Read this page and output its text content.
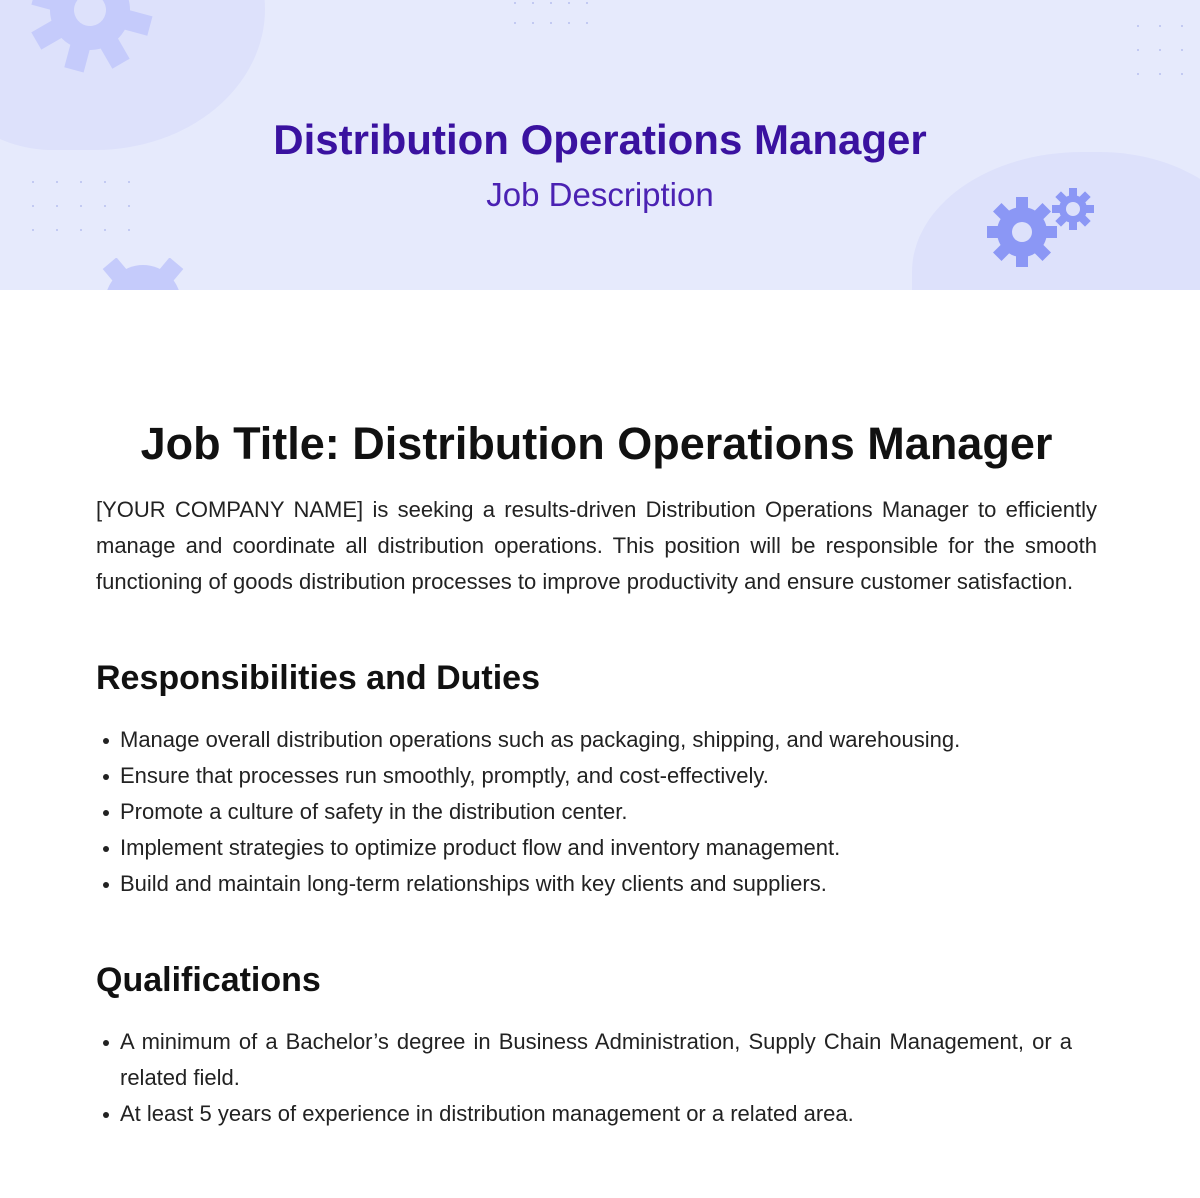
Distribution Operations Manager
Job Description
Job Title: Distribution Operations Manager

[YOUR COMPANY NAME] is seeking a results-driven Distribution Operations Manager to efficiently manage and coordinate all distribution operations. This position will be responsible for the smooth functioning of goods distribution processes to improve productivity and ensure customer satisfaction.

Responsibilities and Duties
Manage overall distribution operations such as packaging, shipping, and warehousing.
Ensure that processes run smoothly, promptly, and cost-effectively.
Promote a culture of safety in the distribution center.
Implement strategies to optimize product flow and inventory management.
Build and maintain long-term relationships with key clients and suppliers.
Qualifications
A minimum of a Bachelor’s degree in Business Administration, Supply Chain Management, or a related field.
At least 5 years of experience in distribution management or a related area.
